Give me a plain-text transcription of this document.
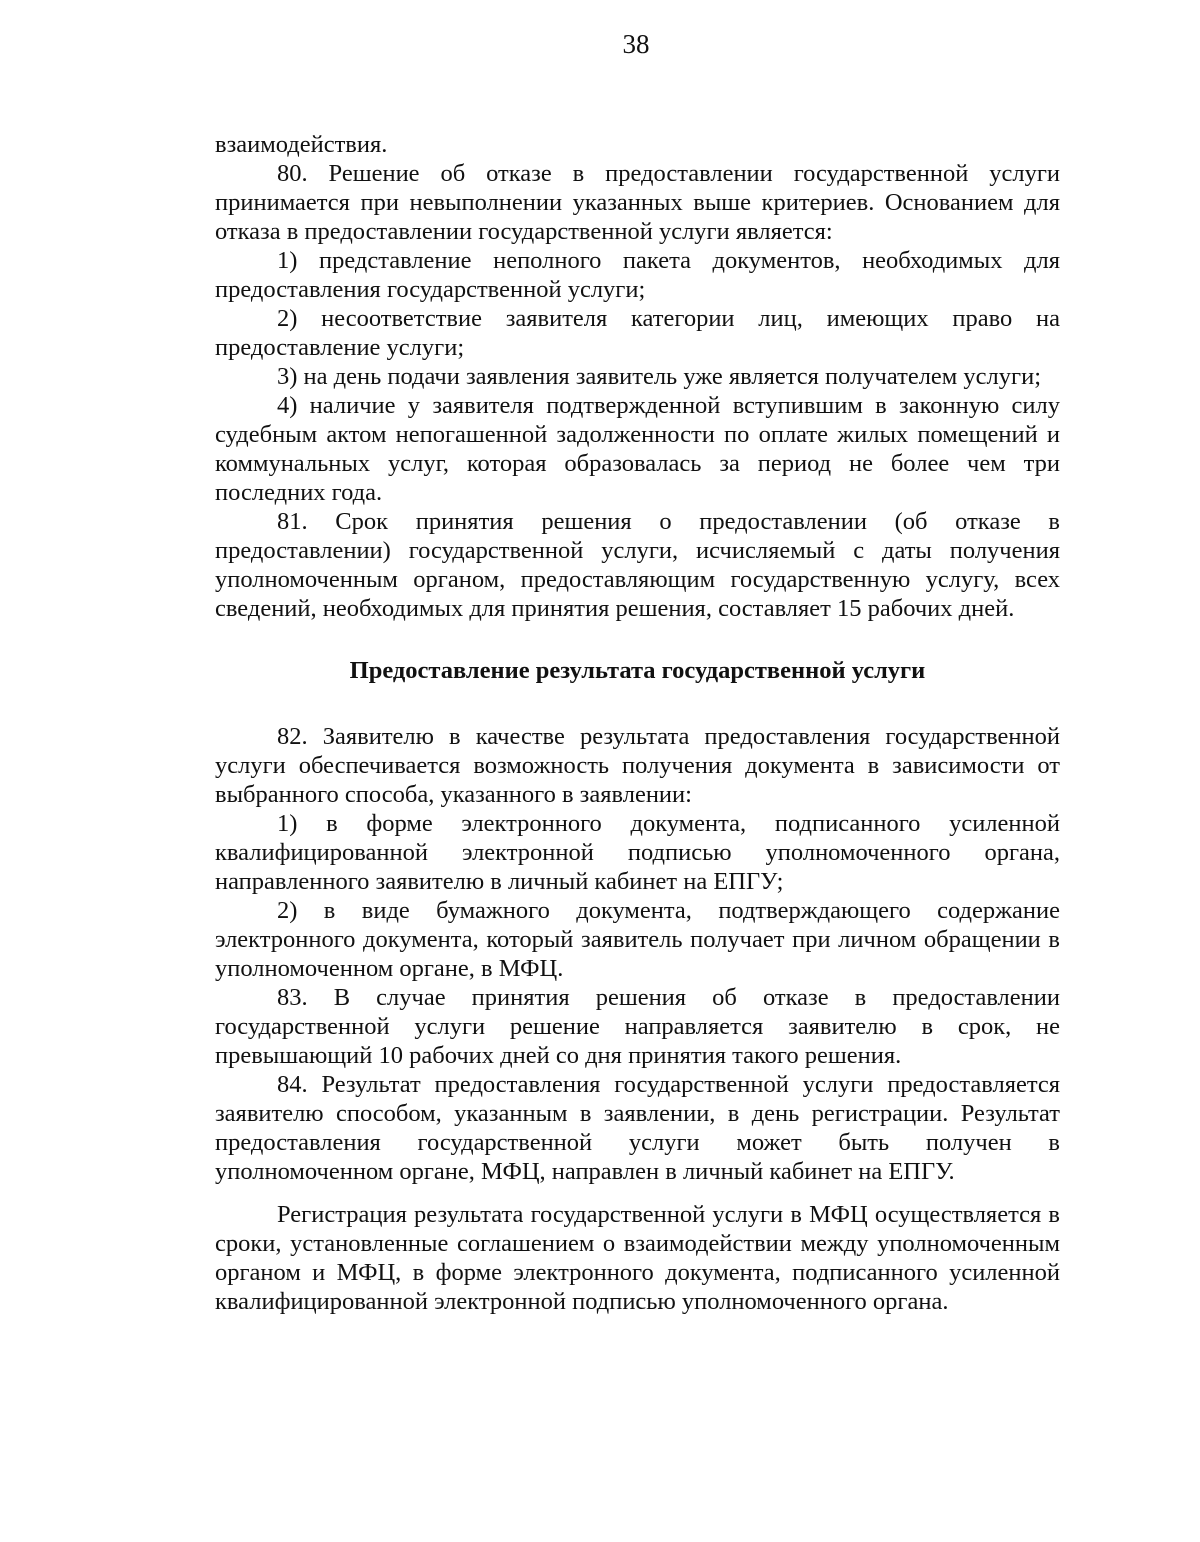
38

взаимодействия.

80. Решение об отказе в предоставлении государственной услуги принимается при невыполнении указанных выше критериев. Основанием для отказа в предоставлении государственной услуги является:

1) представление неполного пакета документов, необходимых для предоставления государственной услуги;

2) несоответствие заявителя категории лиц, имеющих право на предоставление услуги;

3) на день подачи заявления заявитель уже является получателем услуги;

4) наличие у заявителя подтвержденной вступившим в законную силу судебным актом непогашенной задолженности по оплате жилых помещений и коммунальных услуг, которая образовалась за период не более чем три последних года.

81. Срок принятия решения о предоставлении (об отказе в предоставлении) государственной услуги, исчисляемый с даты получения уполномоченным органом, предоставляющим государственную услугу, всех сведений, необходимых для принятия решения, составляет 15 рабочих дней.

Предоставление результата государственной услуги

82. Заявителю в качестве результата предоставления государственной услуги обеспечивается возможность получения документа в зависимости от выбранного способа, указанного в заявлении:

1) в форме электронного документа, подписанного усиленной квалифицированной электронной подписью уполномоченного органа, направленного заявителю в личный кабинет на ЕПГУ;

2) в виде бумажного документа, подтверждающего содержание электронного документа, который заявитель получает при личном обращении в уполномоченном органе, в МФЦ.

83. В случае принятия решения об отказе в предоставлении государственной услуги решение направляется заявителю в срок, не превышающий 10 рабочих дней со дня принятия такого решения.

84. Результат предоставления государственной услуги предоставляется заявителю способом, указанным в заявлении, в день регистрации. Результат предоставления государственной услуги может быть получен в уполномоченном органе, МФЦ, направлен в личный кабинет на ЕПГУ.

Регистрация результата государственной услуги в МФЦ осуществляется в сроки, установленные соглашением о взаимодействии между уполномоченным органом и МФЦ, в форме электронного документа, подписанного усиленной квалифицированной электронной подписью уполномоченного органа.
